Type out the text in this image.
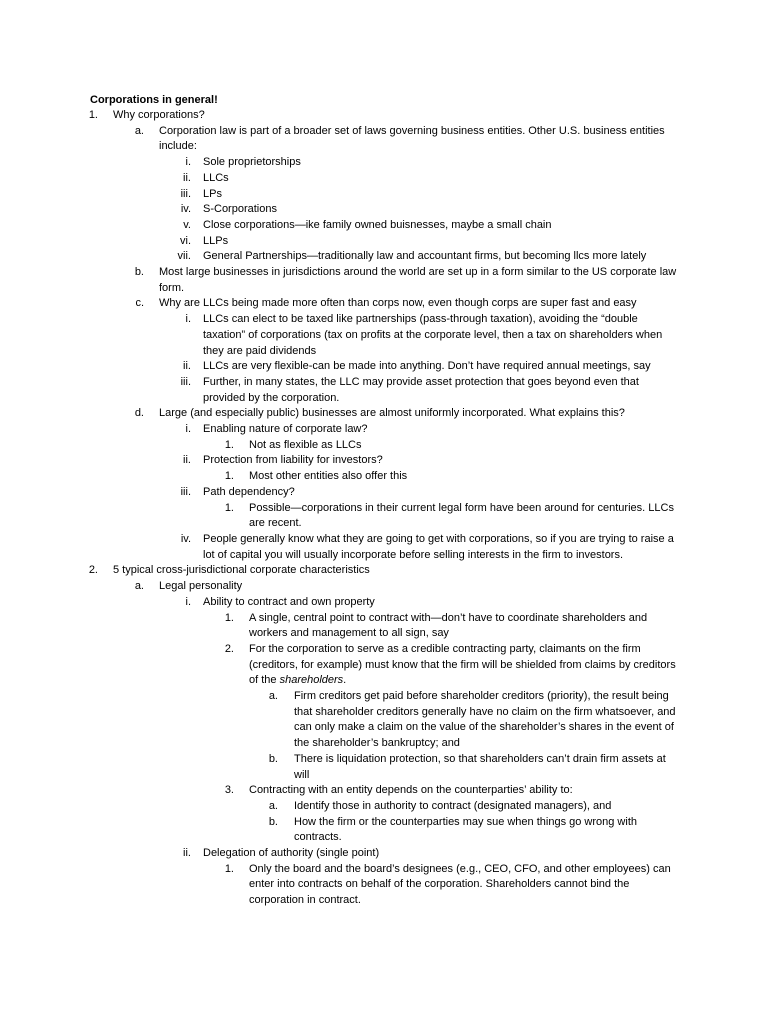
Corporations in general!
1. Why corporations?
a. Corporation law is part of a broader set of laws governing business entities. Other U.S. business entities include:
i. Sole proprietorships
ii. LLCs
iii. LPs
iv. S-Corporations
v. Close corporations—ike family owned buisnesses, maybe a small chain
vi. LLPs
vii. General Partnerships—traditionally law and accountant firms, but becoming llcs more lately
b. Most large businesses in jurisdictions around the world are set up in a form similar to the US corporate law form.
c. Why are LLCs being made more often than corps now, even though corps are super fast and easy
i. LLCs can elect to be taxed like partnerships (pass-through taxation), avoiding the “double taxation” of corporations (tax on profits at the corporate level, then a tax on shareholders when they are paid dividends
ii. LLCs are very flexible-can be made into anything. Don’t have required annual meetings, say
iii. Further, in many states, the LLC may provide asset protection that goes beyond even that provided by the corporation.
d. Large (and especially public) businesses are almost uniformly incorporated. What explains this?
i. Enabling nature of corporate law?
1. Not as flexible as LLCs
ii. Protection from liability for investors?
1. Most other entities also offer this
iii. Path dependency?
1. Possible—corporations in their current legal form have been around for centuries. LLCs are recent.
iv. People generally know what they are going to get with corporations, so if you are trying to raise a lot of capital you will usually incorporate before selling interests in the firm to investors.
2. 5 typical cross-jurisdictional corporate characteristics
a. Legal personality
i. Ability to contract and own property
1. A single, central point to contract with—don’t have to coordinate shareholders and workers and management to all sign, say
2. For the corporation to serve as a credible contracting party, claimants on the firm (creditors, for example) must know that the firm will be shielded from claims by creditors of the shareholders.
a. Firm creditors get paid before shareholder creditors (priority), the result being that shareholder creditors generally have no claim on the firm whatsoever, and can only make a claim on the value of the shareholder’s shares in the event of the shareholder’s bankruptcy; and
b. There is liquidation protection, so that shareholders can’t drain firm assets at will
3. Contracting with an entity depends on the counterparties’ ability to:
a. Identify those in authority to contract (designated managers), and
b. How the firm or the counterparties may sue when things go wrong with contracts.
ii. Delegation of authority (single point)
1. Only the board and the board’s designees (e.g., CEO, CFO, and other employees) can enter into contracts on behalf of the corporation. Shareholders cannot bind the corporation in contract.
